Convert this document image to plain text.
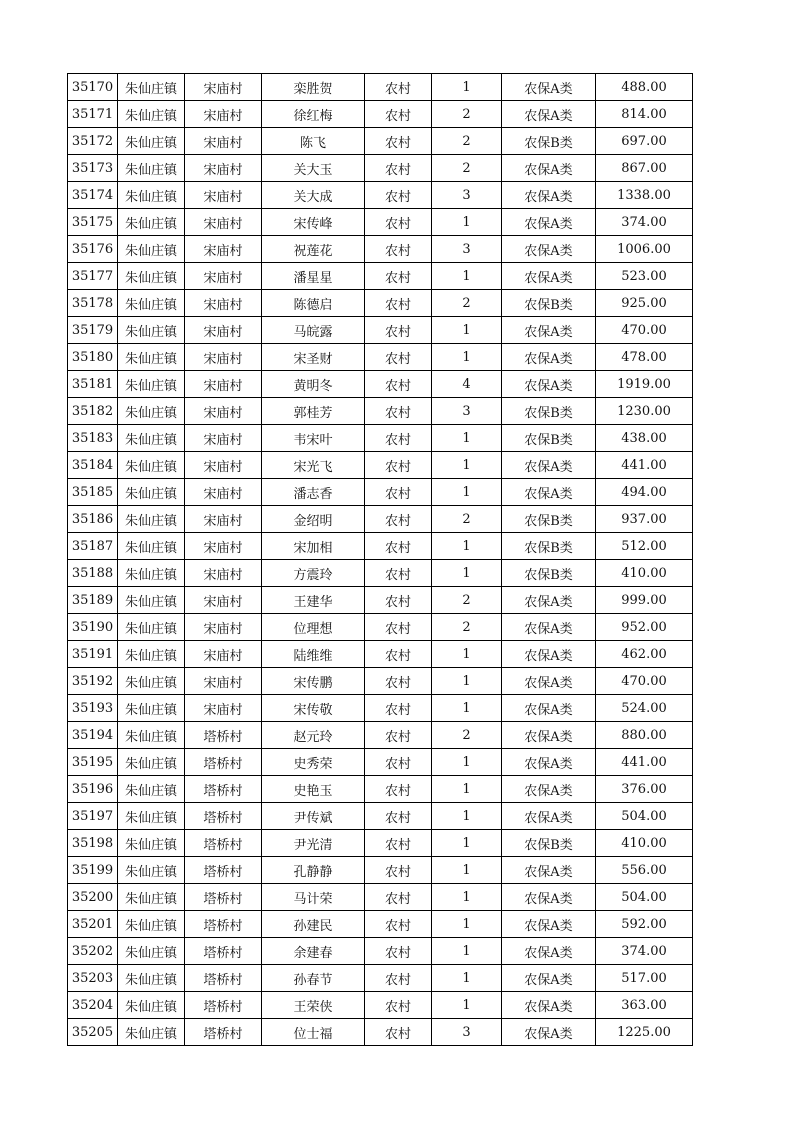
35170	朱仙庄镇	宋庙村	栾胜贺	农村	1	农保A类	488.00
35171	朱仙庄镇	宋庙村	徐红梅	农村	2	农保A类	814.00
35172	朱仙庄镇	宋庙村	陈飞	农村	2	农保B类	697.00
35173	朱仙庄镇	宋庙村	关大玉	农村	2	农保A类	867.00
35174	朱仙庄镇	宋庙村	关大成	农村	3	农保A类	1338.00
35175	朱仙庄镇	宋庙村	宋传峰	农村	1	农保A类	374.00
35176	朱仙庄镇	宋庙村	祝莲花	农村	3	农保A类	1006.00
35177	朱仙庄镇	宋庙村	潘星星	农村	1	农保A类	523.00
35178	朱仙庄镇	宋庙村	陈德启	农村	2	农保B类	925.00
35179	朱仙庄镇	宋庙村	马皖露	农村	1	农保A类	470.00
35180	朱仙庄镇	宋庙村	宋圣财	农村	1	农保A类	478.00
35181	朱仙庄镇	宋庙村	黄明冬	农村	4	农保A类	1919.00
35182	朱仙庄镇	宋庙村	郭桂芳	农村	3	农保B类	1230.00
35183	朱仙庄镇	宋庙村	韦宋叶	农村	1	农保B类	438.00
35184	朱仙庄镇	宋庙村	宋光飞	农村	1	农保A类	441.00
35185	朱仙庄镇	宋庙村	潘志香	农村	1	农保A类	494.00
35186	朱仙庄镇	宋庙村	金绍明	农村	2	农保B类	937.00
35187	朱仙庄镇	宋庙村	宋加相	农村	1	农保B类	512.00
35188	朱仙庄镇	宋庙村	方震玲	农村	1	农保B类	410.00
35189	朱仙庄镇	宋庙村	王建华	农村	2	农保A类	999.00
35190	朱仙庄镇	宋庙村	位理想	农村	2	农保A类	952.00
35191	朱仙庄镇	宋庙村	陆维维	农村	1	农保A类	462.00
35192	朱仙庄镇	宋庙村	宋传鹏	农村	1	农保A类	470.00
35193	朱仙庄镇	宋庙村	宋传敬	农村	1	农保A类	524.00
35194	朱仙庄镇	塔桥村	赵元玲	农村	2	农保A类	880.00
35195	朱仙庄镇	塔桥村	史秀荣	农村	1	农保A类	441.00
35196	朱仙庄镇	塔桥村	史艳玉	农村	1	农保A类	376.00
35197	朱仙庄镇	塔桥村	尹传斌	农村	1	农保A类	504.00
35198	朱仙庄镇	塔桥村	尹光清	农村	1	农保B类	410.00
35199	朱仙庄镇	塔桥村	孔静静	农村	1	农保A类	556.00
35200	朱仙庄镇	塔桥村	马计荣	农村	1	农保A类	504.00
35201	朱仙庄镇	塔桥村	孙建民	农村	1	农保A类	592.00
35202	朱仙庄镇	塔桥村	余建春	农村	1	农保A类	374.00
35203	朱仙庄镇	塔桥村	孙春节	农村	1	农保A类	517.00
35204	朱仙庄镇	塔桥村	王荣侠	农村	1	农保A类	363.00
35205	朱仙庄镇	塔桥村	位士福	农村	3	农保A类	1225.00
